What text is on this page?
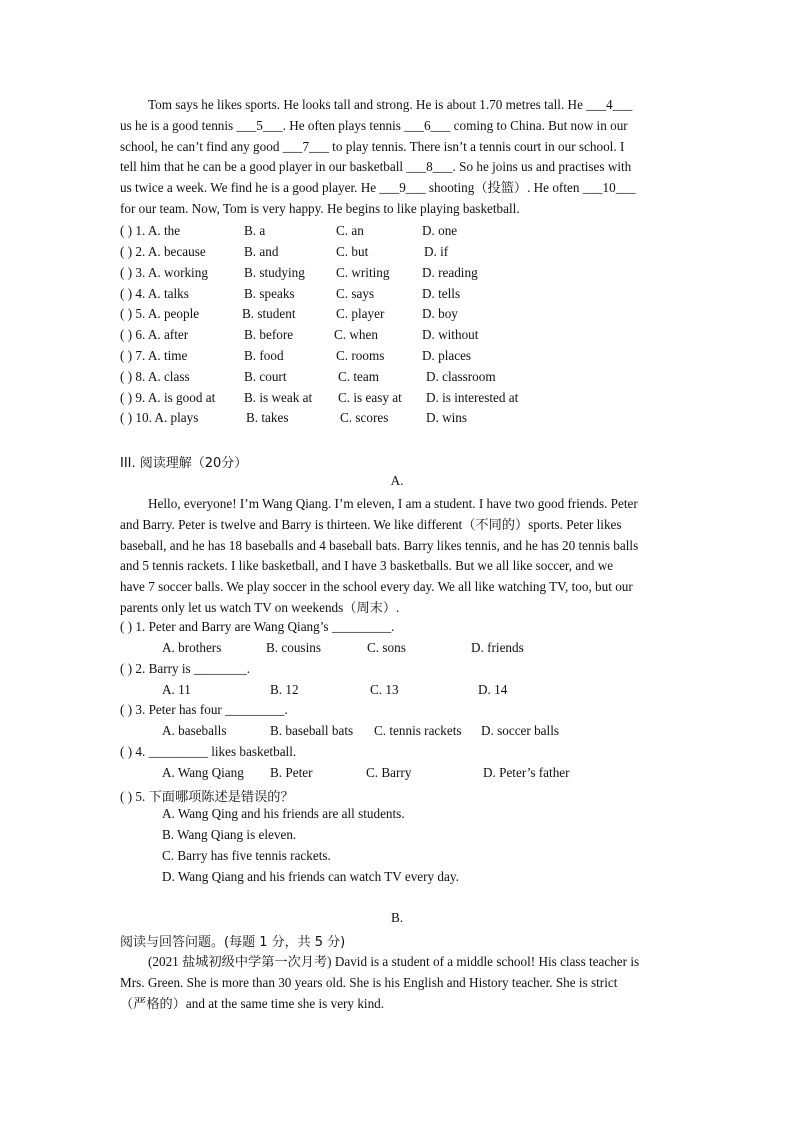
Tom says he likes sports. He looks tall and strong. He is about 1.70 metres tall. He ___4___
us he is a good tennis ___5___. He often plays tennis ___6___ coming to China. But now in our
school, he can’t find any good ___7___ to play tennis. There isn’t a tennis court in our school. I
tell him that he can be a good player in our basketball ___8___. So he joins us and practises with
us twice a week. We find he is a good player. He ___9___ shooting（投篮）. He often ___10___
for our team. Now, Tom is very happy. He begins to like playing basketball.
( ) 1. A. the	B. a	C. an	D. one
( ) 2. A. because	B. and	C. but	D. if
( ) 3. A. working	B. studying C. writing D. reading
( ) 4. A. talks	B. speaks	C. says	D. tells
( ) 5. A. people	B. student	C. player	D. boy
( ) 6. A. after	B. before	C. when	D. without
( ) 7. A. time	B. food	C. rooms	D. places
( ) 8. A. class	B. court	C. team	D. classroom
( ) 9. A. is good at B. is weak at C. is easy at D. is interested at
( ) 10. A. plays	B. takes	C. scores	D. wins
III. 阅读理解（20分）
A.
Hello, everyone! I’m Wang Qiang. I’m eleven, I am a student. I have two good friends. Peter
and Barry. Peter is twelve and Barry is thirteen. We like different（不同的）sports. Peter likes
baseball, and he has 18 baseballs and 4 baseball bats. Barry likes tennis, and he has 20 tennis balls
and 5 tennis rackets. I like basketball, and I have 3 basketballs. But we all like soccer, and we
have 7 soccer balls. We play soccer in the school every day. We all like watching TV, too, but our
parents only let us watch TV on weekends（周末）.
( ) 1. Peter and Barry are Wang Qiang’s _________.
A. brothers	B. cousins	C. sons	D. friends
( ) 2. Barry is ________.
A. 11	B. 12	C. 13	D. 14
( ) 3. Peter has four _________.
A. baseballs	B. baseball bats C. tennis rackets D. soccer balls
( ) 4. _________ likes basketball.
A. Wang Qiang B. Peter	C. Barry	D. Peter’s father
( ) 5. 下面哪项陈述是错误的？
A. Wang Qing and his friends are all students.
B. Wang Qiang is eleven.
C. Barry has five tennis rackets.
D. Wang Qiang and his friends can watch TV every day.
B.
阅读与回答问题。(每题 1 分，共 5 分)
(2021 盐城初级中学第一次月考) David is a student of a middle school! His class teacher is
Mrs. Green. She is more than 30 years old. She is his English and History teacher. She is strict
（严格的）and at the same time she is very kind.
